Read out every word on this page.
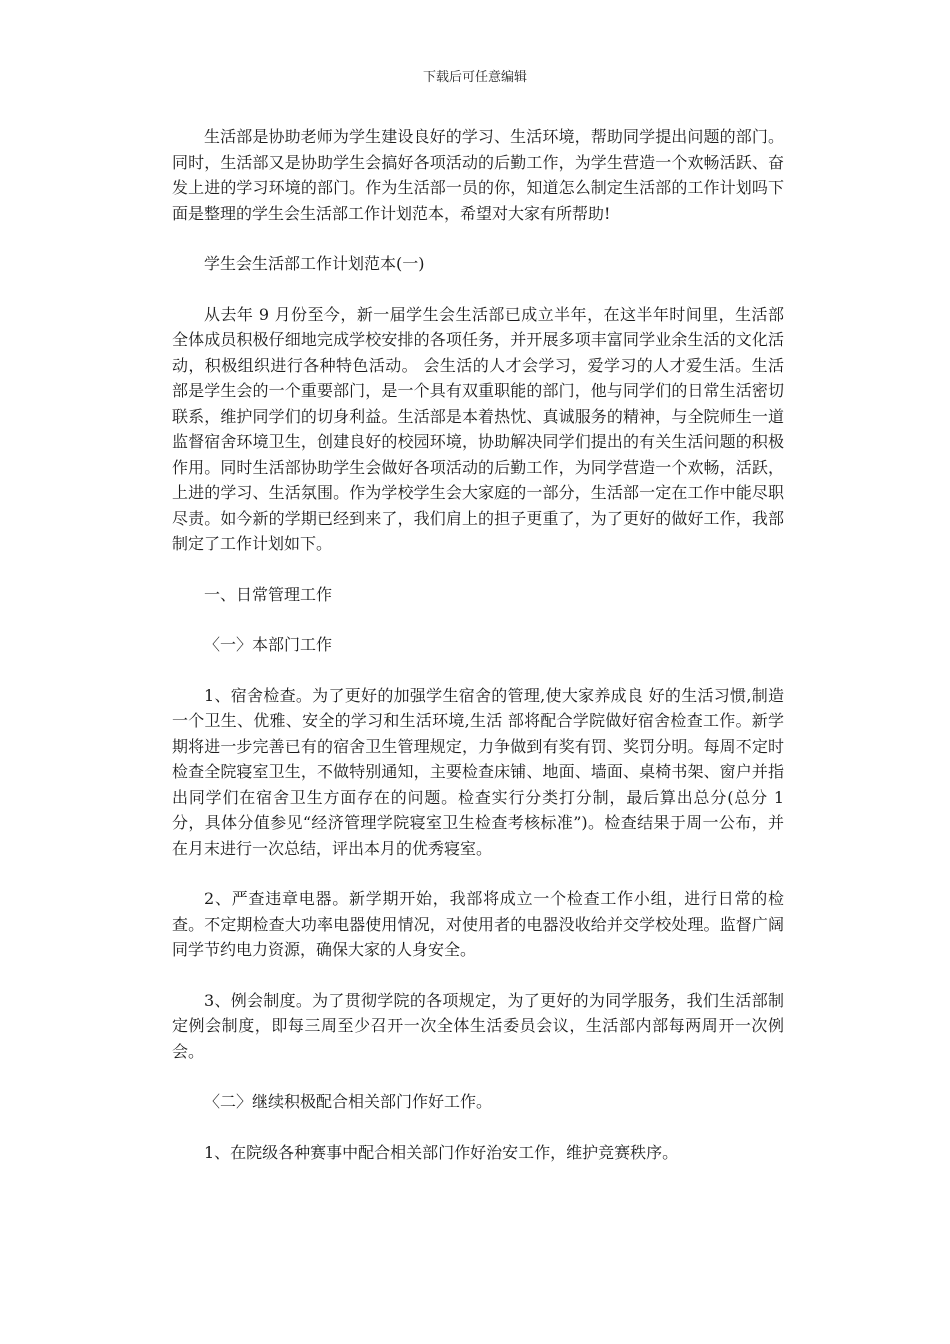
下载后可任意编辑

生活部是协助老师为学生建设良好的学习、生活环境，帮助同学提出问题的部门。同时，生活部又是协助学生会搞好各项活动的后勤工作，为学生营造一个欢畅活跃、奋发上进的学习环境的部门。作为生活部一员的你，知道怎么制定生活部的工作计划吗下面是整理的学生会生活部工作计划范本，希望对大家有所帮助!

学生会生活部工作计划范本(一)

从去年 9 月份至今，新一届学生会生活部已成立半年，在这半年时间里，生活部全体成员积极仔细地完成学校安排的各项任务，并开展多项丰富同学业余生活的文化活动，积极组织进行各种特色活动。 会生活的人才会学习，爱学习的人才爱生活。生活部是学生会的一个重要部门，是一个具有双重职能的部门，他与同学们的日常生活密切联系，维护同学们的切身利益。生活部是本着热忱、真诚服务的精神，与全院师生一道监督宿舍环境卫生，创建良好的校园环境，协助解决同学们提出的有关生活问题的积极作用。同时生活部协助学生会做好各项活动的后勤工作，为同学营造一个欢畅，活跃，上进的学习、生活氛围。作为学校学生会大家庭的一部分，生活部一定在工作中能尽职尽责。如今新的学期已经到来了，我们肩上的担子更重了，为了更好的做好工作，我部制定了工作计划如下。

一、日常管理工作

〈一〉本部门工作

1、宿舍检查。为了更好的加强学生宿舍的管理,使大家养成良 好的生活习惯,制造一个卫生、优雅、安全的学习和生活环境,生活 部将配合学院做好宿舍检查工作。新学期将进一步完善已有的宿舍卫生管理规定，力争做到有奖有罚、奖罚分明。每周不定时检查全院寝室卫生，不做特别通知，主要检查床铺、地面、墙面、桌椅书架、窗户并指出同学们在宿舍卫生方面存在的问题。检查实行分类打分制，最后算出总分(总分 1 分，具体分值参见“经济管理学院寝室卫生检查考核标准”)。检查结果于周一公布，并在月末进行一次总结，评出本月的优秀寝室。

2、严查违章电器。新学期开始，我部将成立一个检查工作小组，进行日常的检查。不定期检查大功率电器使用情况，对使用者的电器没收给并交学校处理。监督广阔同学节约电力资源，确保大家的人身安全。

3、例会制度。为了贯彻学院的各项规定，为了更好的为同学服务，我们生活部制定例会制度，即每三周至少召开一次全体生活委员会议，生活部内部每两周开一次例会。

〈二〉继续积极配合相关部门作好工作。

1、在院级各种赛事中配合相关部门作好治安工作，维护竞赛秩序。
